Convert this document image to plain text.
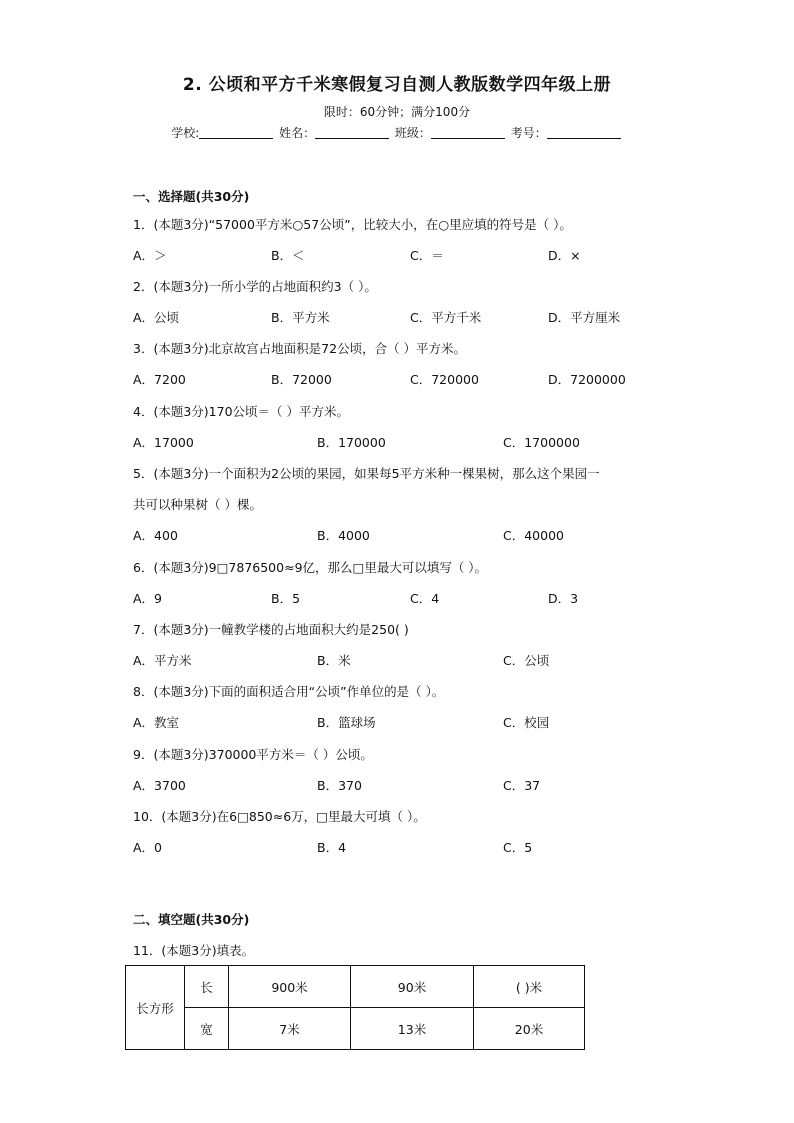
2. 公顷和平方千米寒假复习自测人教版数学四年级上册
限时：60分钟；满分100分
学校:	姓名：	班级：	考号：
一、选择题(共30分)
1．(本题3分)“57000平方米○57公顷”，比较大小，在○里应填的符号是（ ）。
A．＞	B．＜	C．＝	D．×
2．(本题3分)一所小学的占地面积约3（ ）。
A．公顷	B．平方米	C．平方千米	D．平方厘米
3．(本题3分)北京故宫占地面积是72公顷，合（ ）平方米。
A．7200	B．72000	C．720000	D．7200000
4．(本题3分)170公顷＝（ ）平方米。
A．17000	B．170000	C．1700000
5．(本题3分)一个面积为2公顷的果园，如果每5平方米种一棵果树，那么这个果园一
共可以种果树（ ）棵。
A．400	B．4000	C．40000
6．(本题3分)9□7876500≈9亿，那么□里最大可以填写（ ）。
A．9	B．5	C．4	D．3
7．(本题3分)一幢教学楼的占地面积大约是250( )
A．平方米	B．米	C．公顷
8．(本题3分)下面的面积适合用“公顷”作单位的是（ ）。
A．教室	B．篮球场	C．校园
9．(本题3分)370000平方米＝（ ）公顷。
A．3700	B．370	C．37
10．(本题3分)在6□850≈6万，□里最大可填（ ）。
A．0	B．4	C．5
二、填空题(共30分)
11．(本题3分)填表。
长方形	长	900米	90米	( )米
	宽	7米	13米	20米
